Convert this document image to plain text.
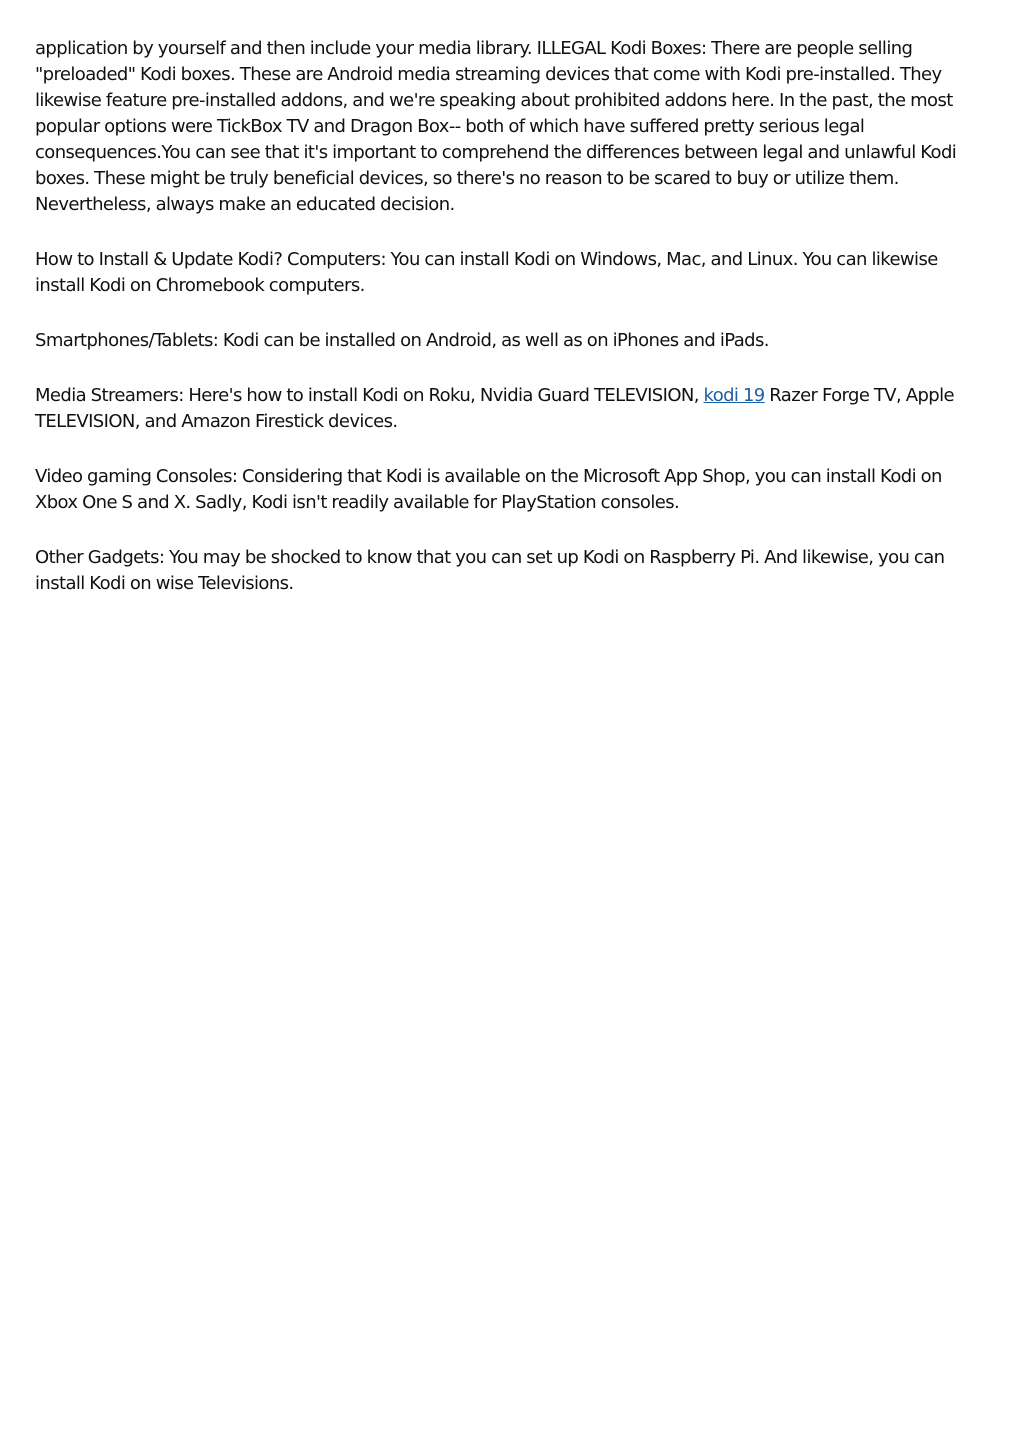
application by yourself and then include your media library. ILLEGAL Kodi Boxes: There are people selling "preloaded" Kodi boxes. These are Android media streaming devices that come with Kodi pre-installed. They likewise feature pre-installed addons, and we're speaking about prohibited addons here. In the past, the most popular options were TickBox TV and Dragon Box-- both of which have suffered pretty serious legal consequences.You can see that it's important to comprehend the differences between legal and unlawful Kodi boxes. These might be truly beneficial devices, so there's no reason to be scared to buy or utilize them. Nevertheless, always make an educated decision.

How to Install & Update Kodi? Computers: You can install Kodi on Windows, Mac, and Linux. You can likewise install Kodi on Chromebook computers.

Smartphones/Tablets: Kodi can be installed on Android, as well as on iPhones and iPads.

Media Streamers: Here's how to install Kodi on Roku, Nvidia Guard TELEVISION, kodi 19 Razer Forge TV, Apple TELEVISION, and Amazon Firestick devices.

Video gaming Consoles: Considering that Kodi is available on the Microsoft App Shop, you can install Kodi on Xbox One S and X. Sadly, Kodi isn't readily available for PlayStation consoles.

Other Gadgets: You may be shocked to know that you can set up Kodi on Raspberry Pi. And likewise, you can install Kodi on wise Televisions.
